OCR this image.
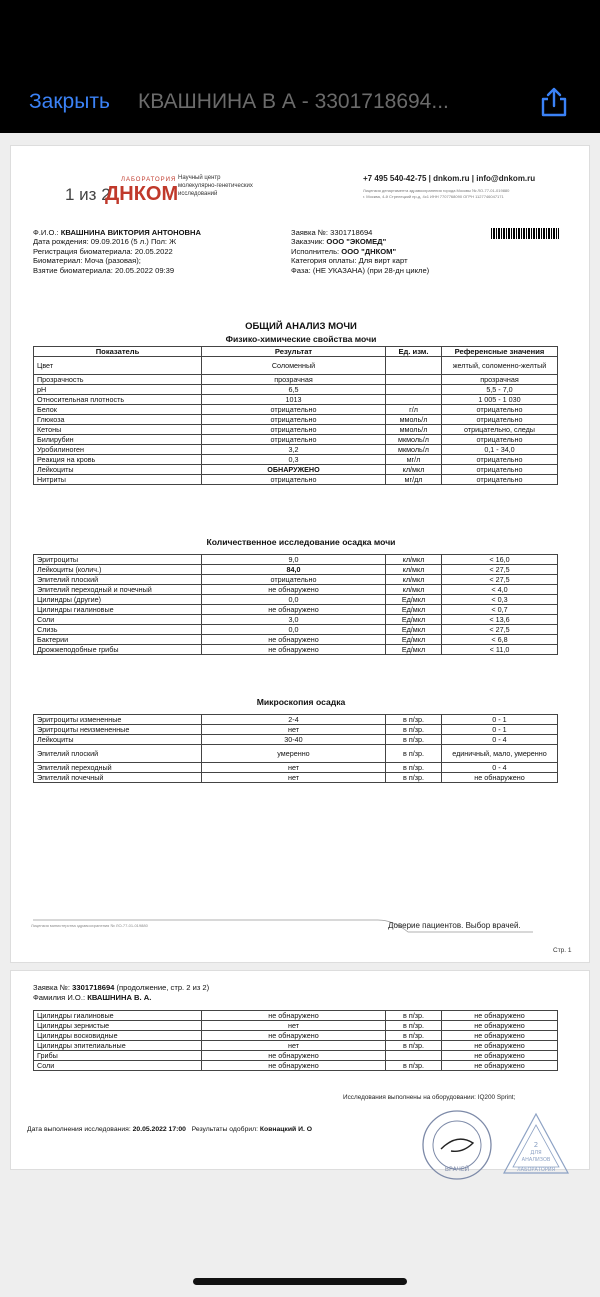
Закрыть КВАШНИНА В А - 3301718694...
1 из 2
ЛАБОРАТОРИЯ
ДНКОМ
Научный центр
молекулярно-генетических
исследований
+7 495 540-42-75 | dnkom.ru | info@dnkom.ru
Лицензия департамента здравоохранения города Москвы № ЛО-77-01-019880
г. Москва, 4-й Стрелецкий пр-д, 4с1 ИНН 7707768090 ОГРН 1127746047171
Ф.И.О.: КВАШНИНА ВИКТОРИЯ АНТОНОВНА
Дата рождения: 09.09.2016 (5 л.) Пол: Ж
Регистрация биоматериала: 20.05.2022
Биоматериал: Моча (разовая);
Взятие биоматериала: 20.05.2022 09:39
Заявка №: 3301718694
Заказчик: ООО "ЭКОМЕД"
Исполнитель: ООО "ДНКОМ"
Категория оплаты: Для вирт карт
Фаза: (НЕ УКАЗАНА) (при 28-дн цикле)
ОБЩИЙ АНАЛИЗ МОЧИ
Физико-химические свойства мочи
Показатель	Результат	Ед. изм.	Референсные значения
Цвет	Соломенный		желтый, соломенно-желтый
Прозрачность	прозрачная		прозрачная
pH	6,5		5,5 - 7,0
Относительная плотность	1013		1 005 - 1 030
Белок	отрицательно	г/л	отрицательно
Глюкоза	отрицательно	ммоль/л	отрицательно
Кетоны	отрицательно	ммоль/л	отрицательно, следы
Билирубин	отрицательно	мкмоль/л	отрицательно
Уробилиноген	3,2	мкмоль/л	0,1 - 34,0
Реакция на кровь	0,3	мг/л	отрицательно
Лейкоциты	ОБНАРУЖЕНО	кл/мкл	отрицательно
Нитриты	отрицательно	мг/дл	отрицательно
Количественное исследование осадка мочи
Эритроциты	9,0	кл/мкл	< 16,0
Лейкоциты (колич.)	84,0	кл/мкл	< 27,5
Эпителий плоский	отрицательно	кл/мкл	< 27,5
Эпителий переходный и почечный	не обнаружено	кл/мкл	< 4,0
Цилиндры (другие)	0,0	Ед/мкл	< 0,3
Цилиндры гиалиновые	не обнаружено	Ед/мкл	< 0,7
Соли	3,0	Ед/мкл	< 13,6
Слизь	0,0	Ед/мкл	< 27,5
Бактерии	не обнаружено	Ед/мкл	< 6,8
Дрожжеподобные грибы	не обнаружено	Ед/мкл	< 11,0
Микроскопия осадка
Эритроциты измененные	2-4	в п/зр.	0 - 1
Эритроциты неизмененные	нет	в п/зр.	0 - 1
Лейкоциты	30-40	в п/зр.	0 - 4
Эпителий плоский	умеренно	в п/зр.	единичный, мало, умеренно
Эпителий переходный	нет	в п/зр.	0 - 4
Эпителий почечный	нет	в п/зр.	не обнаружено
Лицензия министерства здравоохранения № ЛО-77-01-019880	Доверие пациентов. Выбор врачей.
Стр. 1
Заявка №: 3301718694 (продолжение, стр. 2 из 2)
Фамилия И.О.: КВАШНИНА В. А.
Цилиндры гиалиновые	не обнаружено	в п/зр.	не обнаружено
Цилиндры зернистые	нет	в п/зр.	не обнаружено
Цилиндры восковидные	не обнаружено	в п/зр.	не обнаружено
Цилиндры эпителиальные	нет	в п/зр.	не обнаружено
Грибы	не обнаружено		не обнаружено
Соли	не обнаружено	в п/зр.	не обнаружено
Исследования выполнены на оборудовании: IQ200 Sprint;
Дата выполнения исследования: 20.05.2022 17:00 Результаты одобрил: Ковнацкий И. О
ВРАЧЕЙ
2
ДЛЯ
АНАЛИЗОВ
ЛАБОРАТОРИЯ
